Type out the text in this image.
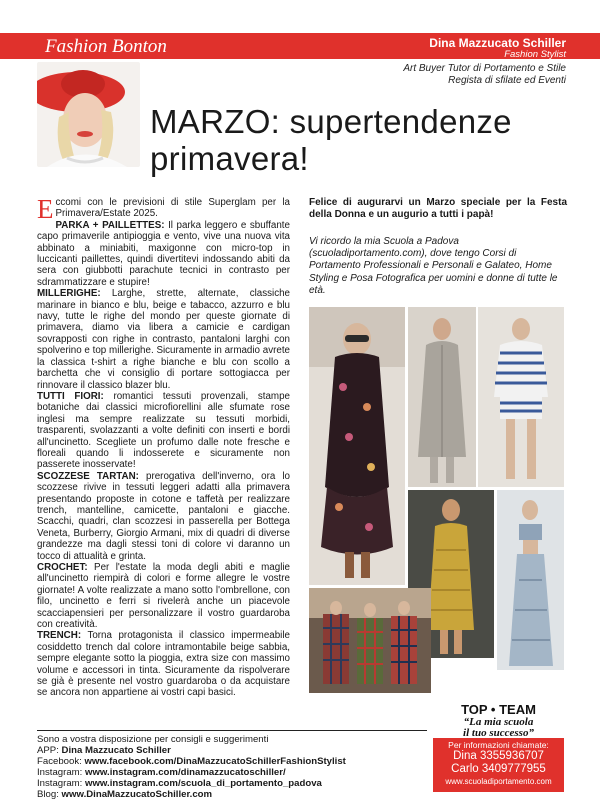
Fashion Bonton	Dina Mazzucato Schiller
Fashion Stylist
Art Buyer Tutor di Portamento e Stile
Regista di sfilate ed Eventi
MARZO: supertendenze
primavera!

Eccomi con le previsioni di stile Superglam per la Primavera/Estate 2025.

PARKA + PAILLETTES: Il parka leggero e sbuffante capo primaverile antipioggia e vento, vive una nuova vita abbinato a miniabiti, maxigonne con micro-top in luccicanti paillettes, quindi divertitevi indossando abiti da sera con giubbotti parachute tecnici in contrasto per sdrammatizzare e stupire!

MILLERIGHE: Larghe, strette, alternate, classiche marinare in bianco e blu, beige e tabacco, azzurro e blu navy, tutte le righe del mondo per queste giornate di primavera, diamo via libera a camicie e cardigan sovrapposti con righe in contrasto, pantaloni larghi con spolverino e top millerighe. Sicuramente in armadio avrete la classica t-shirt a righe bianche e blu con scollo a barchetta che vi consiglio di portare sottogiacca per rinnovare il classico blazer blu.

TUTTI FIORI: romantici tessuti provenzali, stampe botaniche dai classici microfiorellini alle sfumate rose inglesi ma sempre realizzate su tessuti morbidi, trasparenti, svolazzanti a volte definiti con inserti e bordi all'uncinetto. Scegliete un profumo dalle note fresche e floreali quando li indosserete e sicuramente non passerete inosservate!

SCOZZESE TARTAN: prerogativa dell'inverno, ora lo scozzese rivive in tessuti leggeri adatti alla primavera presentando proposte in cotone e taffetà per realizzare trench, mantelline, camicette, pantaloni e giacche. Scacchi, quadri, clan scozzesi in passerella per Bottega Veneta, Burberry, Giorgio Armani, mix di quadri di diverse grandezze ma dagli stessi toni di colore vi daranno un tocco di attualità e grinta.

CROCHET: Per l'estate la moda degli abiti e maglie all'uncinetto riempirà di colori e forme allegre le vostre giornate! A volte realizzate a mano sotto l'ombrellone, con filo, uncinetto e ferri si rivelerà anche un piacevole scacciapensieri per personalizzare il vostro guardaroba con creatività.

TRENCH: Torna protagonista il classico impermeabile cosiddetto trench dal colore intramontabile beige sabbia, sempre elegante sotto la pioggia, extra size con massimo volume e accessori in tinta. Sicuramente da rispolverare se già è presente nel vostro guardaroba o da acquistare se ancora non appartiene ai vostri capi basici.

Felice di augurarvi un Marzo speciale per la Festa della Donna e un augurio a tutti i papà!
Vi ricordo la mia Scuola a Padova (scuoladiportamento.com), dove tengo Corsi di Portamento Professionali e Personali e Galateo, Home Styling e Posa Fotografica per uomini e donne di tutte le età.
Sono a vostra disposizione per consigli e suggerimenti
APP: Dina Mazzucato Schiller
Facebook: www.facebook.com/DinaMazzucatoSchillerFashionStylist
Instagram: www.instagram.com/dinamazzucatoschiller/
Instagram: www.instagram.com/scuola_di_portamento_padova
Blog: www.DinaMazzucatoSchiller.com
TOP • TEAM
“La mia scuola
il tuo successo”
Per informazioni chiamate:
Dina 3355936707
Carlo 3409777955
www.scuoladiportamento.com
